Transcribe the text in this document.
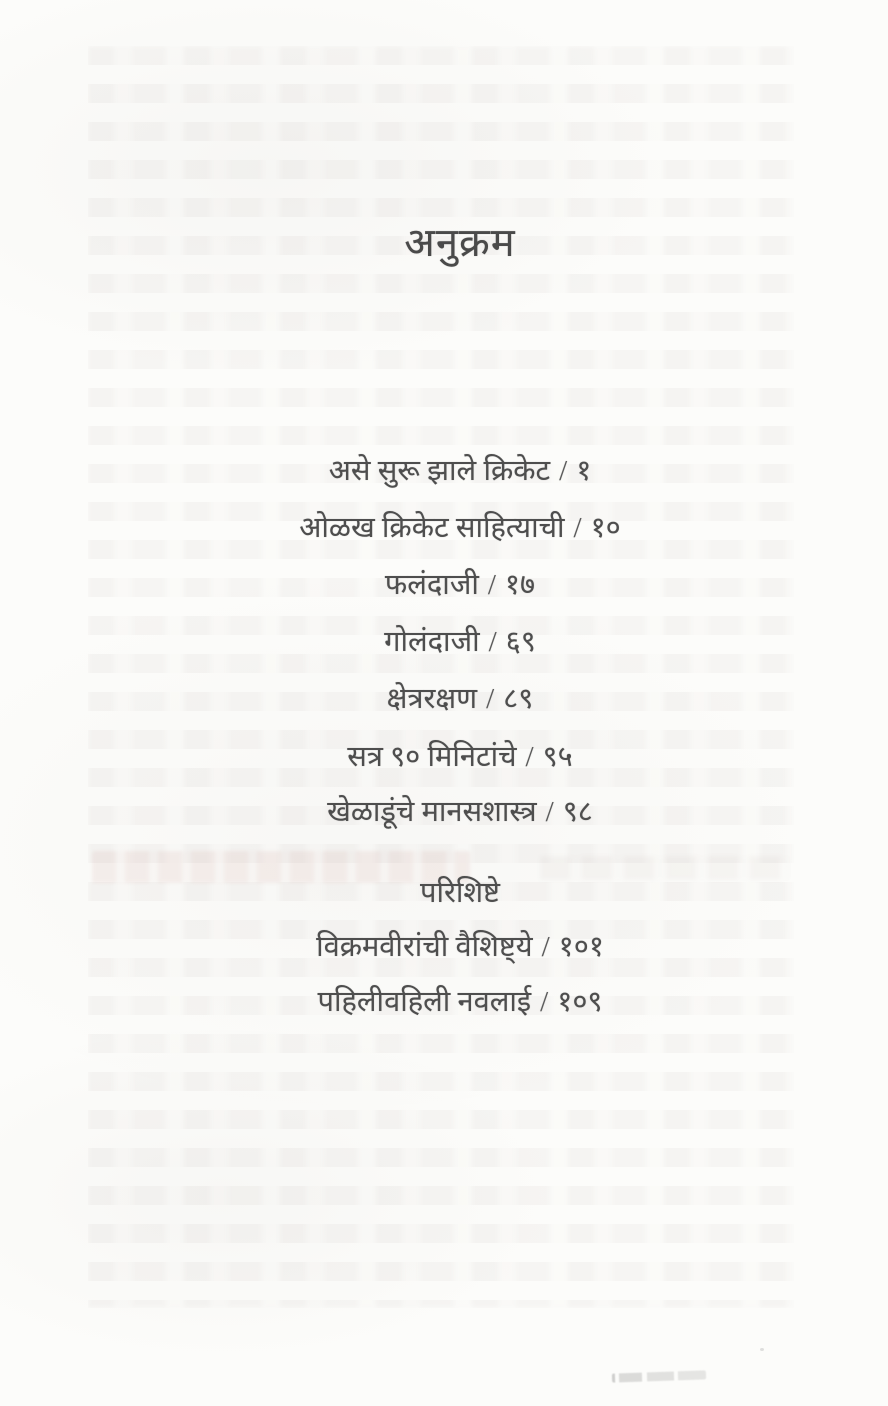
अनुक्रम
असे सुरू झाले क्रिकेट / १
ओळख क्रिकेट साहित्याची / १०
फलंदाजी / १७
गोलंदाजी / ६९
क्षेत्ररक्षण / ८९
सत्र ९० मिनिटांचे / ९५
खेळाडूंचे मानसशास्त्र / ९८
परिशिष्टे
विक्रमवीरांची वैशिष्ट्ये / १०१
पहिलीवहिली नवलाई / १०९
